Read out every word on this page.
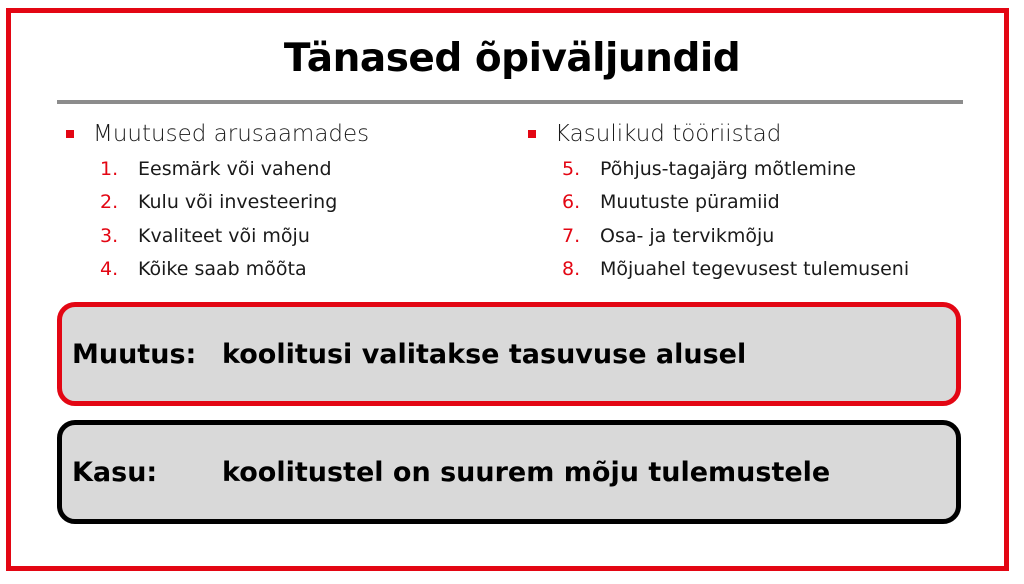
Tänased õpiväljundid
Muutused arusaamades
1.	Eesmärk või vahend
2.	Kulu või investeering
3.	Kvaliteet või mõju
4.	Kõike saab mõõta
Kasulikud tööriistad
5.	Põhjus-tagajärg mõtlemine
6.	Muutuste püramiid
7.	Osa- ja tervikmõju
8.	Mõjuahel tegevusest tulemuseni
Muutus: koolitusi valitakse tasuvuse alusel
Kasu:	koolitustel on suurem mõju tulemustele
